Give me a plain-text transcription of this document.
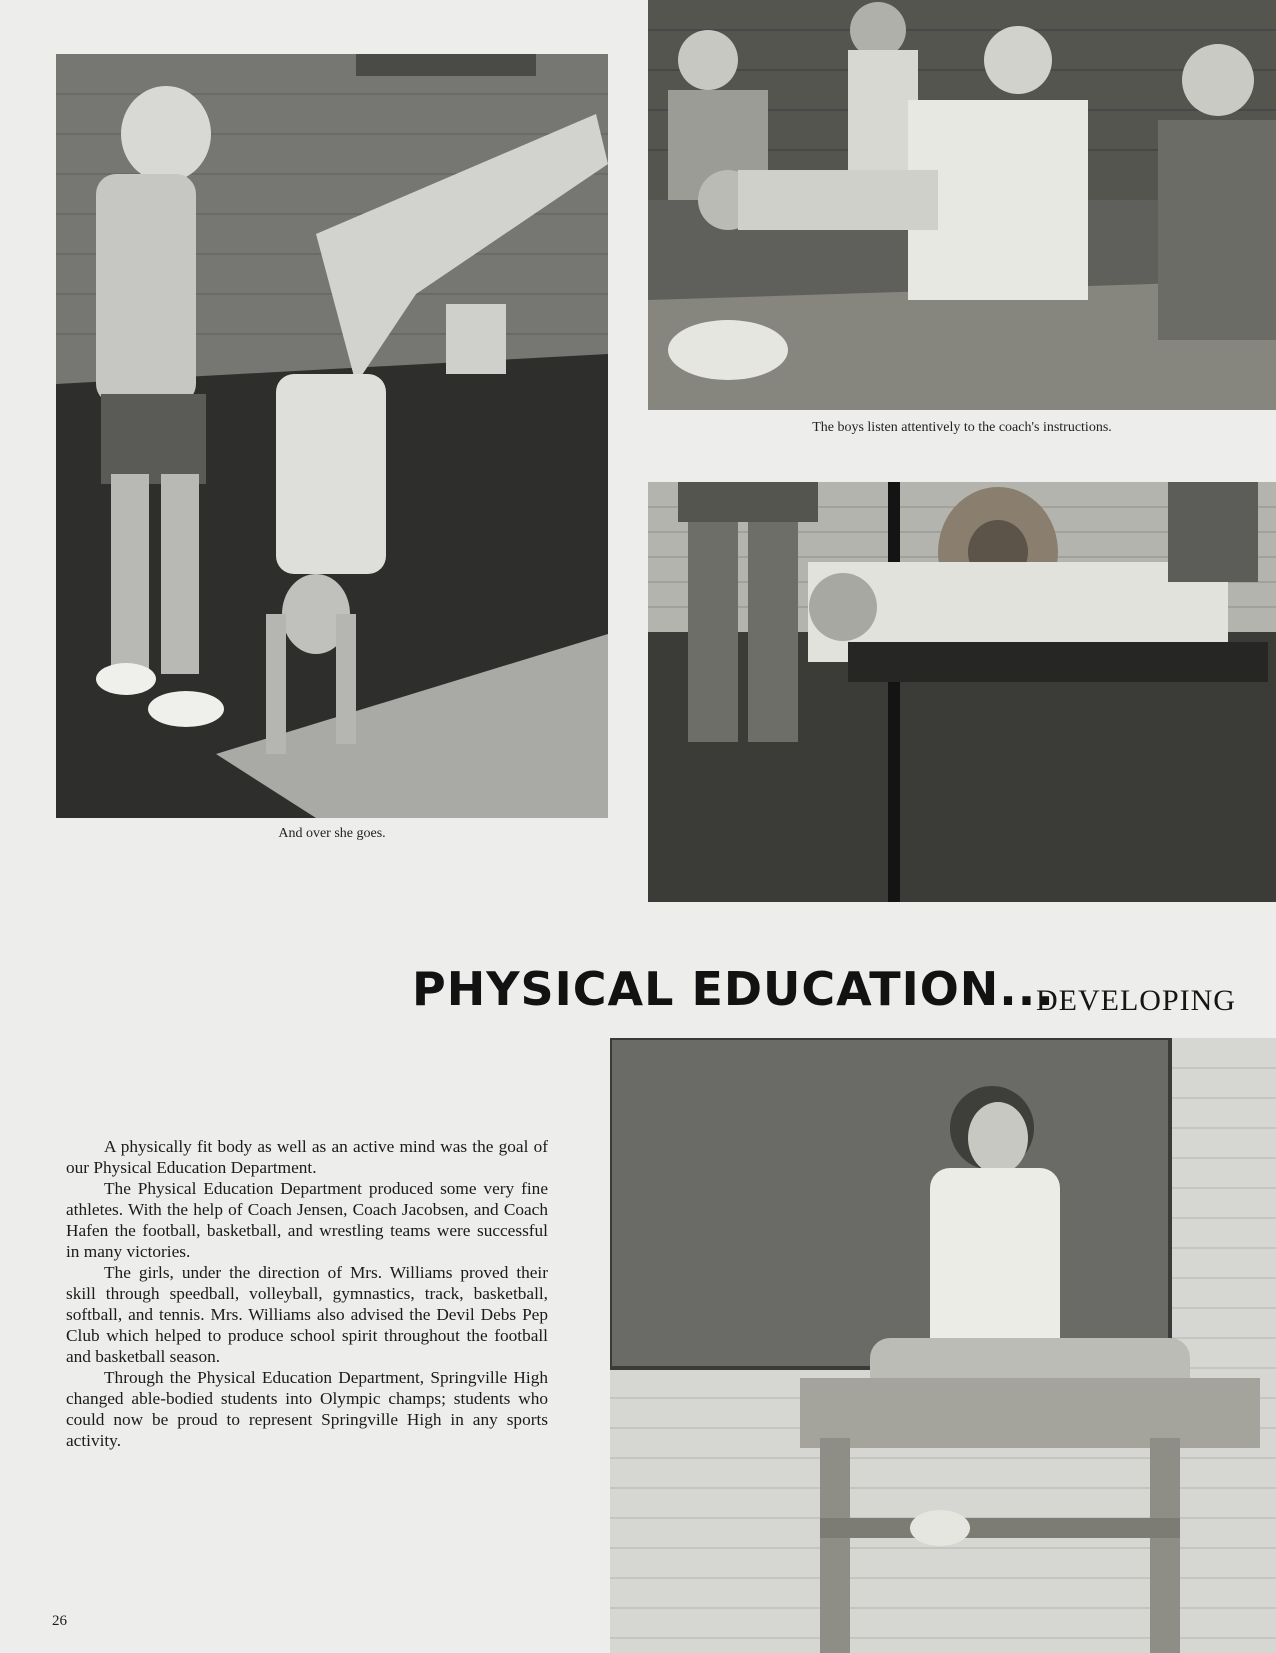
And over she goes.
The boys listen attentively to the coach's instructions.
PHYSICAL EDUCATION...
DEVELOPING

A physically fit body as well as an active mind was the goal of our Physical Education Department.

The Physical Education Department produced some very fine athletes. With the help of Coach Jensen, Coach Jacobsen, and Coach Hafen the football, basketball, and wrestling teams were successful in many victories.

The girls, under the direction of Mrs. Williams proved their skill through speedball, volleyball, gymnastics, track, basketball, softball, and tennis. Mrs. Williams also advised the Devil Debs Pep Club which helped to produce school spirit throughout the football and basketball season.

Through the Physical Education Department, Springville High changed able-bodied students into Olympic champs; students who could now be proud to represent Springville High in any sports activity.

26
